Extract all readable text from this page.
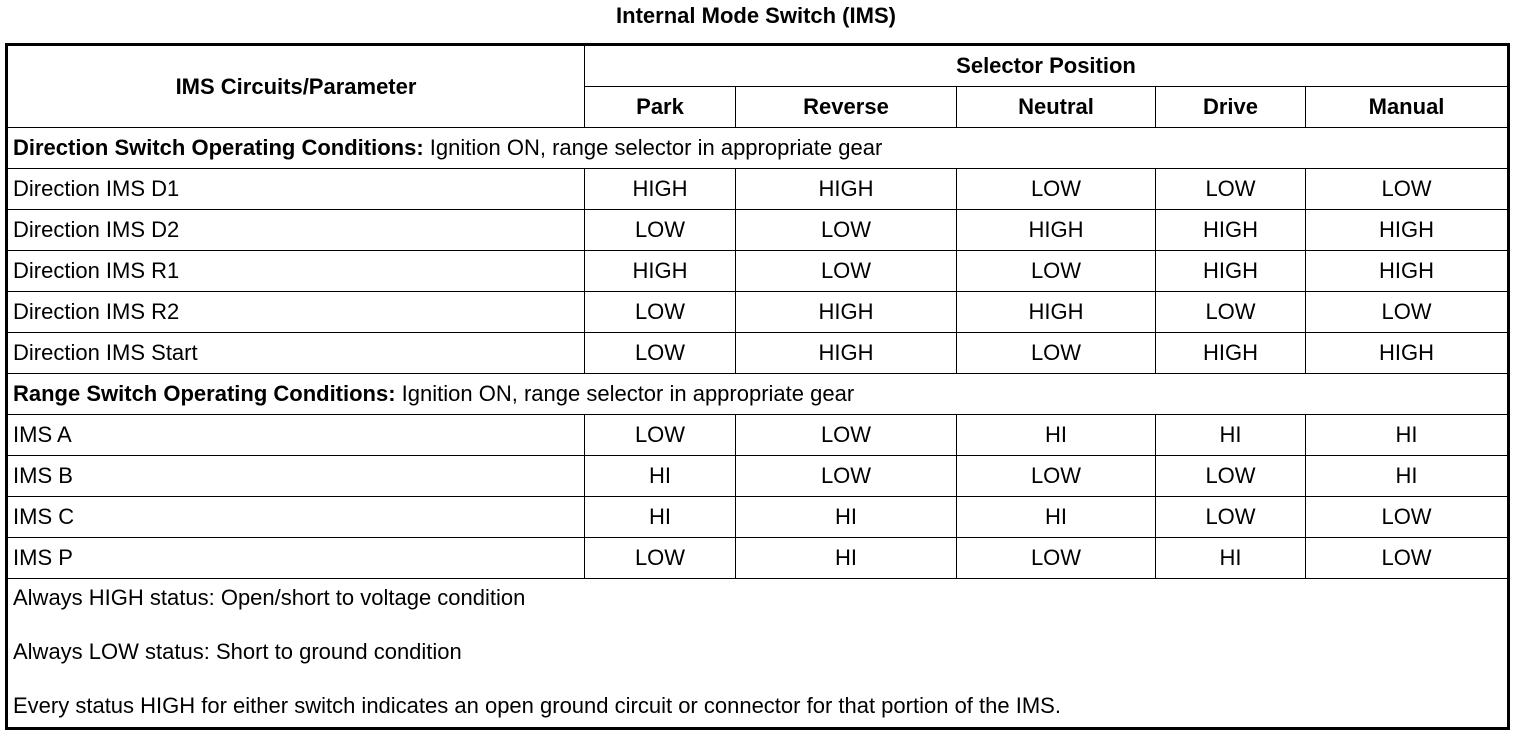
Internal Mode Switch (IMS)
IMS Circuits/Parameter	Selector Position				
	Park	Reverse	Neutral	Drive	Manual
Direction Switch Operating Conditions: Ignition ON, range selector in appropriate gear					
Direction IMS D1	HIGH	HIGH	LOW	LOW	LOW
Direction IMS D2	LOW	LOW	HIGH	HIGH	HIGH
Direction IMS R1	HIGH	LOW	LOW	HIGH	HIGH
Direction IMS R2	LOW	HIGH	HIGH	LOW	LOW
Direction IMS Start	LOW	HIGH	LOW	HIGH	HIGH
Range Switch Operating Conditions: Ignition ON, range selector in appropriate gear					
IMS A	LOW	LOW	HI	HI	HI
IMS B	HI	LOW	LOW	LOW	HI
IMS C	HI	HI	HI	LOW	LOW
IMS P	LOW	HI	LOW	HI	LOW

Always HIGH status: Open/short to voltage condition
Always LOW status: Short to ground condition
Every status HIGH for either switch indicates an open ground circuit or connector for that portion of the IMS.					
